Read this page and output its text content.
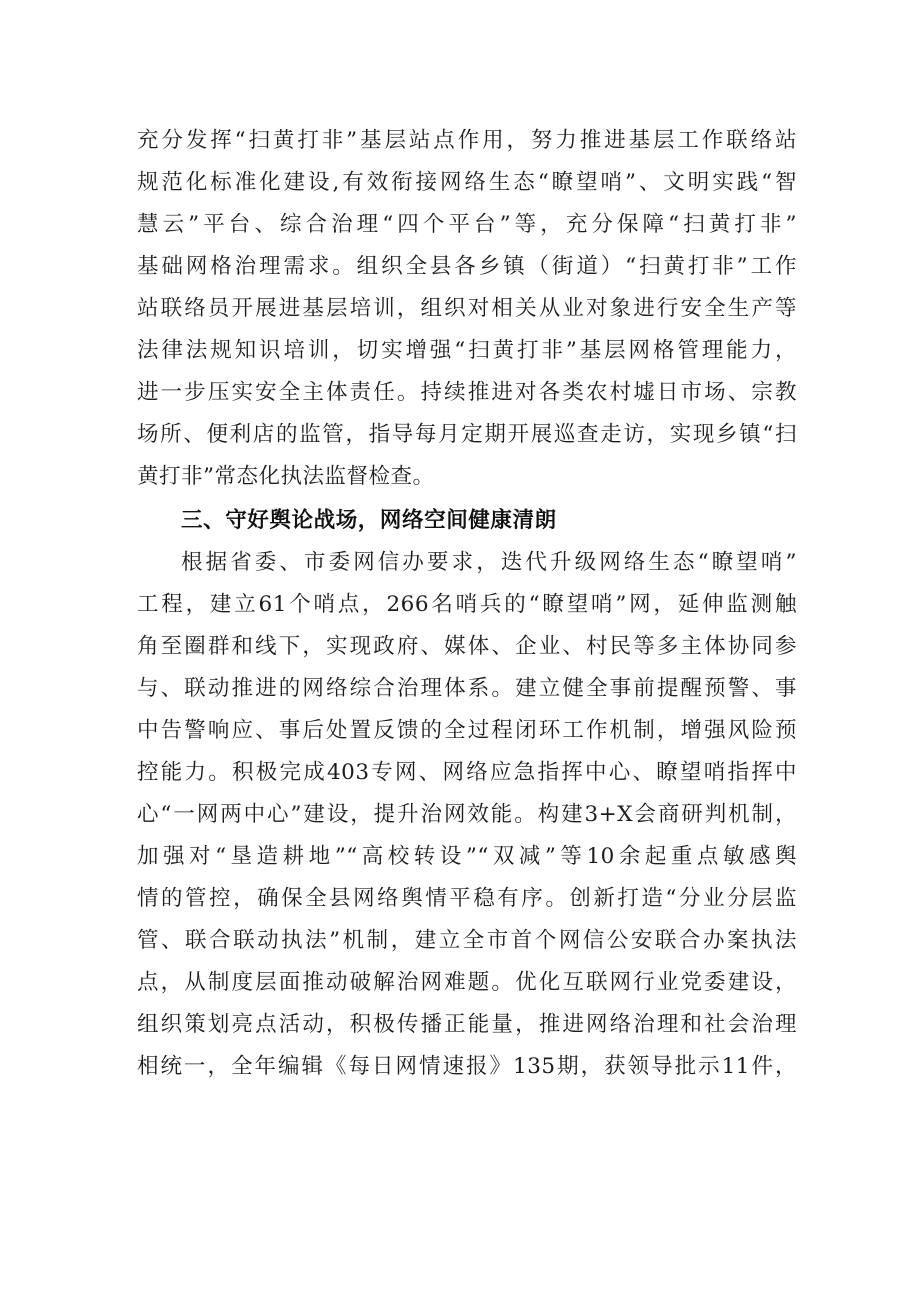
充分发挥“扫黄打非”基层站点作用，努力推进基层工作联络站
规范化标准化建设,有效衔接网络生态“瞭望哨”、文明实践“智
慧云”平台、综合治理“四个平台”等，充分保障“扫黄打非”
基础网格治理需求。组织全县各乡镇（街道）“扫黄打非”工作
站联络员开展进基层培训，组织对相关从业对象进行安全生产等
法律法规知识培训，切实增强“扫黄打非”基层网格管理能力，
进一步压实安全主体责任。持续推进对各类农村墟日市场、宗教
场所、便利店的监管，指导每月定期开展巡查走访，实现乡镇“扫
黄打非”常态化执法监督检查。
三、守好舆论战场，网络空间健康清朗
根据省委、市委网信办要求，迭代升级网络生态“瞭望哨”
工程，建立61个哨点，266名哨兵的“瞭望哨”网，延伸监测触
角至圈群和线下，实现政府、媒体、企业、村民等多主体协同参
与、联动推进的网络综合治理体系。建立健全事前提醒预警、事
中告警响应、事后处置反馈的全过程闭环工作机制，增强风险预
控能力。积极完成403专网、网络应急指挥中心、瞭望哨指挥中
心“一网两中心”建设，提升治网效能。构建3+X会商研判机制，
加强对“垦造耕地”“高校转设”“双减”等10余起重点敏感舆
情的管控，确保全县网络舆情平稳有序。创新打造“分业分层监
管、联合联动执法”机制，建立全市首个网信公安联合办案执法
点，从制度层面推动破解治网难题。优化互联网行业党委建设，
组织策划亮点活动，积极传播正能量，推进网络治理和社会治理
相统一，全年编辑《每日网情速报》135期，获领导批示11件，
